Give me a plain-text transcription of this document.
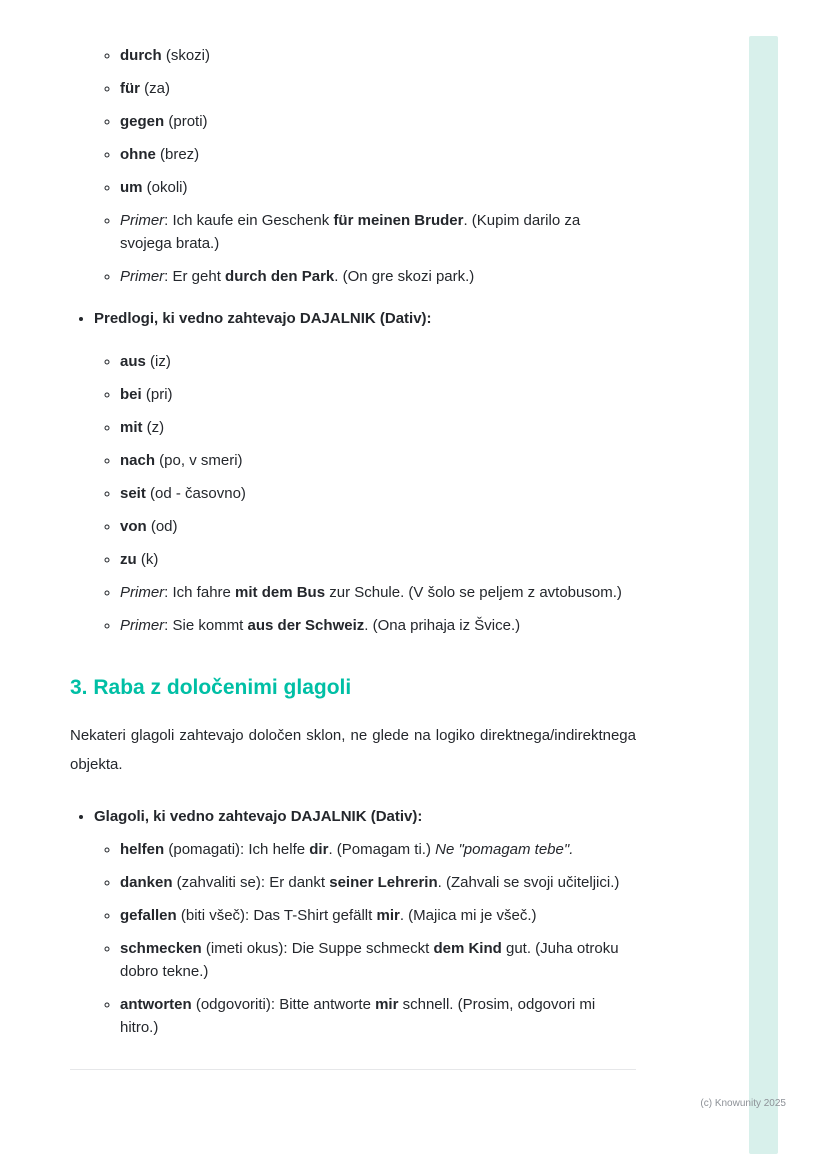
◦ durch (skozi)
◦ für (za)
◦ gegen (proti)
◦ ohne (brez)
◦ um (okoli)
◦ Primer: Ich kaufe ein Geschenk für meinen Bruder. (Kupim darilo za svojega brata.)
◦ Primer: Er geht durch den Park. (On gre skozi park.)
• Predlogi, ki vedno zahtevajo DAJALNIK (Dativ):
◦ aus (iz)
◦ bei (pri)
◦ mit (z)
◦ nach (po, v smeri)
◦ seit (od - časovno)
◦ von (od)
◦ zu (k)
◦ Primer: Ich fahre mit dem Bus zur Schule. (V šolo se peljem z avtobusom.)
◦ Primer: Sie kommt aus der Schweiz. (Ona prihaja iz Švice.)
3. Raba z določenimi glagoli

Nekateri glagoli zahtevajo določen sklon, ne glede na logiko direktnega/indirektnega objekta.

• Glagoli, ki vedno zahtevajo DAJALNIK (Dativ):
◦ helfen (pomagati): Ich helfe dir. (Pomagam ti.) Ne "pomagam tebe".
◦ danken (zahvaliti se): Er dankt seiner Lehrerin. (Zahvali se svoji učiteljici.)
◦ gefallen (biti všeč): Das T-Shirt gefällt mir. (Majica mi je všeč.)
◦ schmecken (imeti okus): Die Suppe schmeckt dem Kind gut. (Juha otroku dobro tekne.)
◦ antworten (odgovoriti): Bitte antworte mir schnell. (Prosim, odgovori mi hitro.)
(c) Knowunity 2025
